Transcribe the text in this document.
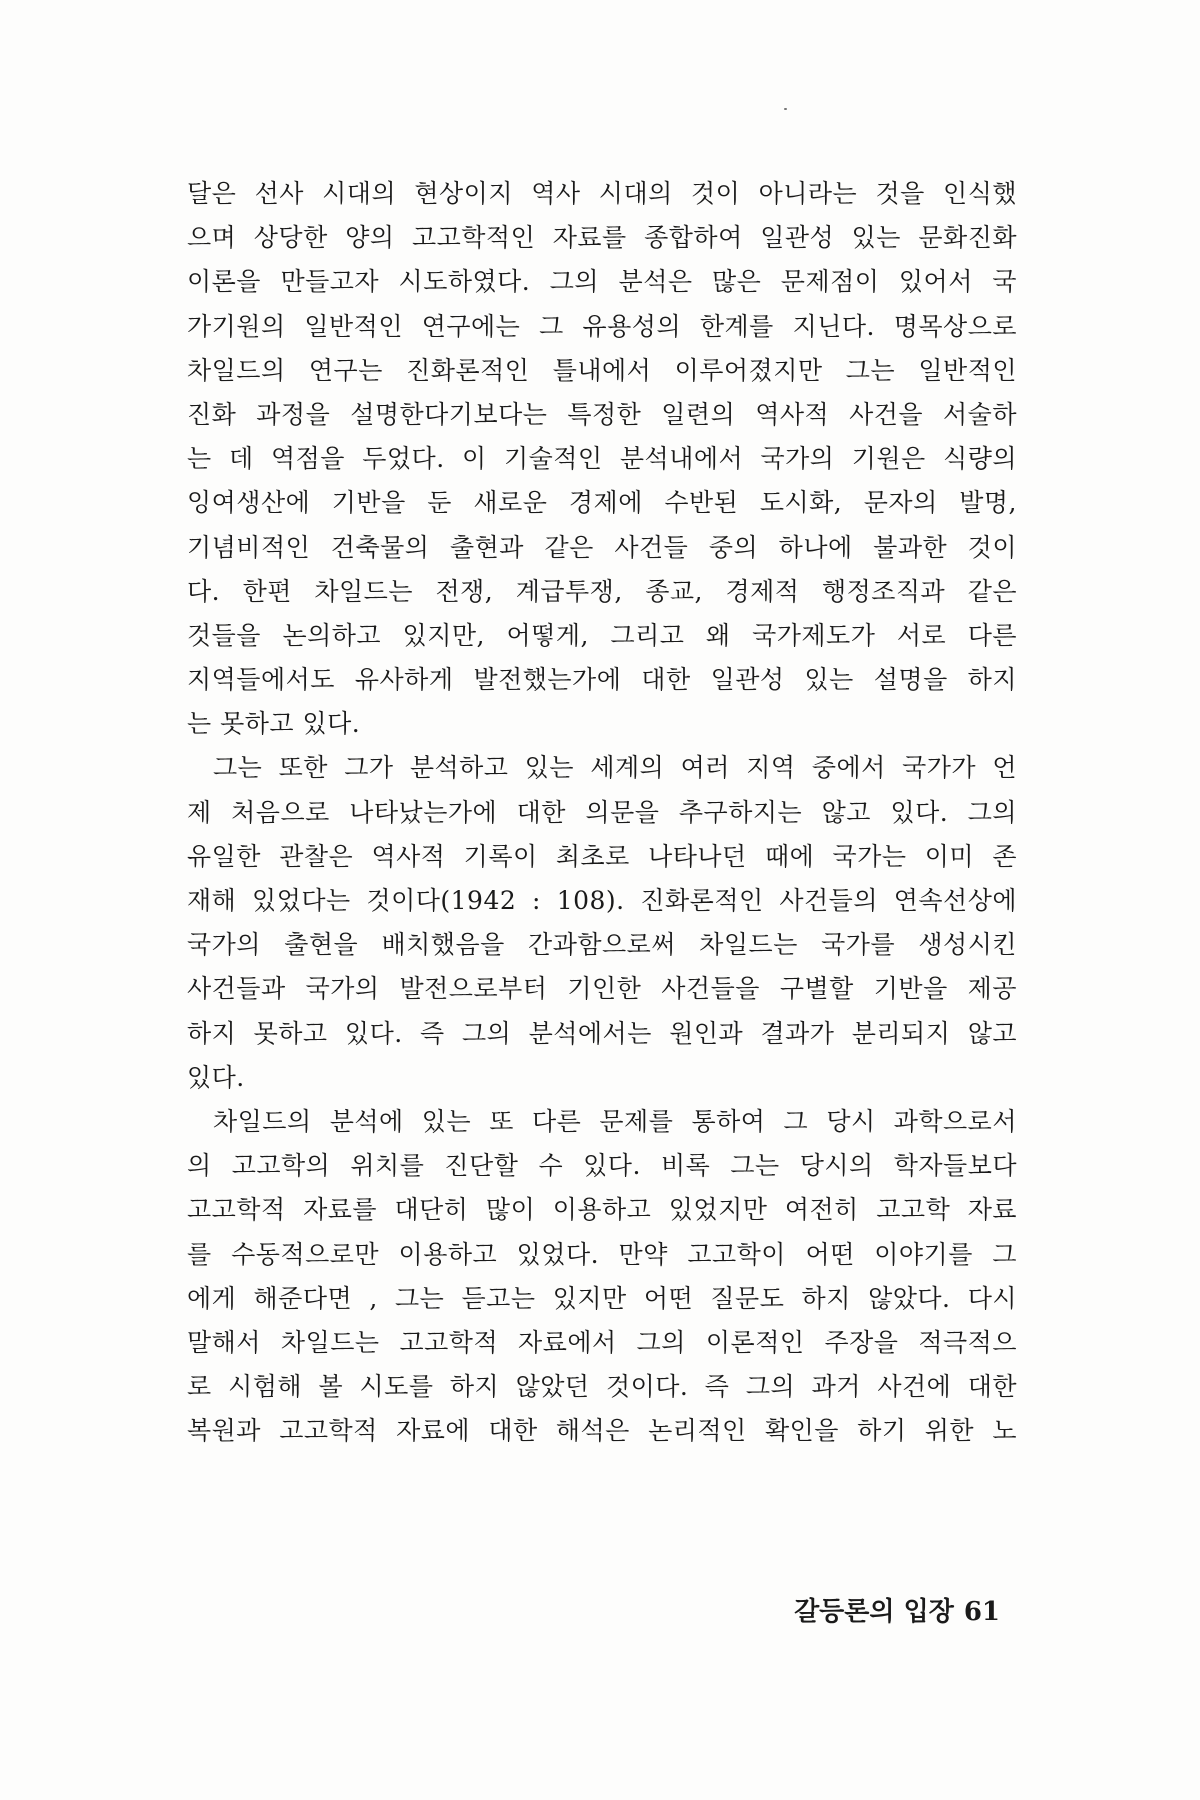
달은 선사 시대의 현상이지 역사 시대의 것이 아니라는 것을 인식했
으며 상당한 양의 고고학적인 자료를 종합하여 일관성 있는 문화진화
이론을 만들고자 시도하였다. 그의 분석은 많은 문제점이 있어서 국
가기원의 일반적인 연구에는 그 유용성의 한계를 지닌다. 명목상으로
차일드의 연구는 진화론적인 틀내에서 이루어졌지만 그는 일반적인
진화 과정을 설명한다기보다는 특정한 일련의 역사적 사건을 서술하
는 데 역점을 두었다. 이 기술적인 분석내에서 국가의 기원은 식량의
잉여생산에 기반을 둔 새로운 경제에 수반된 도시화, 문자의 발명,
기념비적인 건축물의 출현과 같은 사건들 중의 하나에 불과한 것이
다. 한편 차일드는 전쟁, 계급투쟁, 종교, 경제적 행정조직과 같은
것들을 논의하고 있지만, 어떻게, 그리고 왜 국가제도가 서로 다른
지역들에서도 유사하게 발전했는가에 대한 일관성 있는 설명을 하지
는 못하고 있다.
그는 또한 그가 분석하고 있는 세계의 여러 지역 중에서 국가가 언
제 처음으로 나타났는가에 대한 의문을 추구하지는 않고 있다. 그의
유일한 관찰은 역사적 기록이 최초로 나타나던 때에 국가는 이미 존
재해 있었다는 것이다(1942 : 108). 진화론적인 사건들의 연속선상에
국가의 출현을 배치했음을 간과함으로써 차일드는 국가를 생성시킨
사건들과 국가의 발전으로부터 기인한 사건들을 구별할 기반을 제공
하지 못하고 있다. 즉 그의 분석에서는 원인과 결과가 분리되지 않고
있다.
차일드의 분석에 있는 또 다른 문제를 통하여 그 당시 과학으로서
의 고고학의 위치를 진단할 수 있다. 비록 그는 당시의 학자들보다
고고학적 자료를 대단히 많이 이용하고 있었지만 여전히 고고학 자료
를 수동적으로만 이용하고 있었다. 만약 고고학이 어떤 이야기를 그
에게 해준다면 , 그는 듣고는 있지만 어떤 질문도 하지 않았다. 다시
말해서 차일드는 고고학적 자료에서 그의 이론적인 주장을 적극적으
로 시험해 볼 시도를 하지 않았던 것이다. 즉 그의 과거 사건에 대한
복원과 고고학적 자료에 대한 해석은 논리적인 확인을 하기 위한 노
갈등론의 입장 61
